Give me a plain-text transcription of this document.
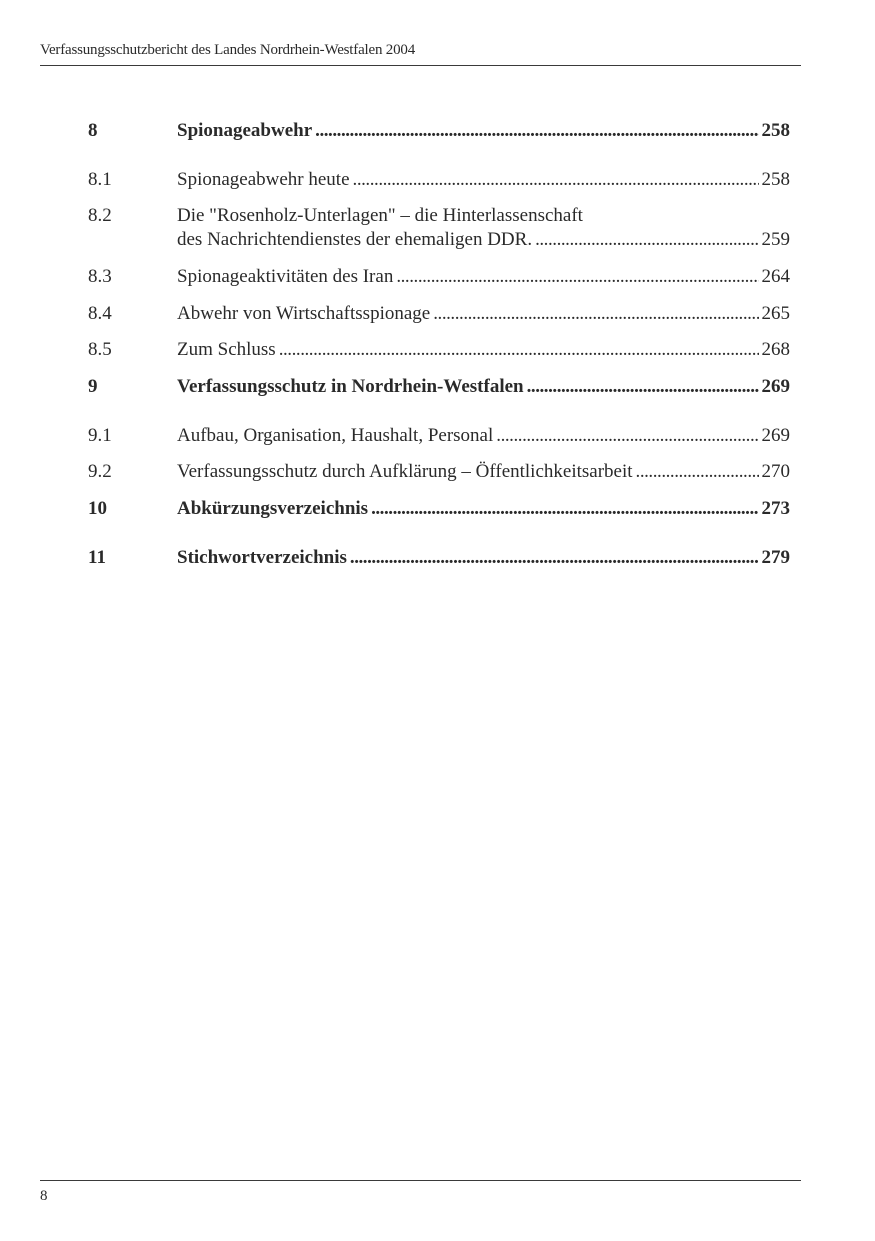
Verfassungsschutzbericht des Landes Nordrhein-Westfalen 2004
8	Spionageabwehr . . .	258
8.1	Spionageabwehr heute . . .	258
8.2	Die "Rosenholz-Unterlagen" – die Hinterlassenschaft
des Nachrichtendienstes der ehemaligen DDR. . . .	259
8.3	Spionageaktivitäten des Iran . . .	264
8.4	Abwehr von Wirtschaftsspionage . . .	265
8.5	Zum Schluss . . .	268
9	Verfassungsschutz in Nordrhein-Westfalen . . .	269
9.1	Aufbau, Organisation, Haushalt, Personal . . .	269
9.2	Verfassungsschutz durch Aufklärung – Öffentlichkeitsarbeit . . .	270
10	Abkürzungsverzeichnis . . .	273
11	Stichwortverzeichnis . . .	279
8
